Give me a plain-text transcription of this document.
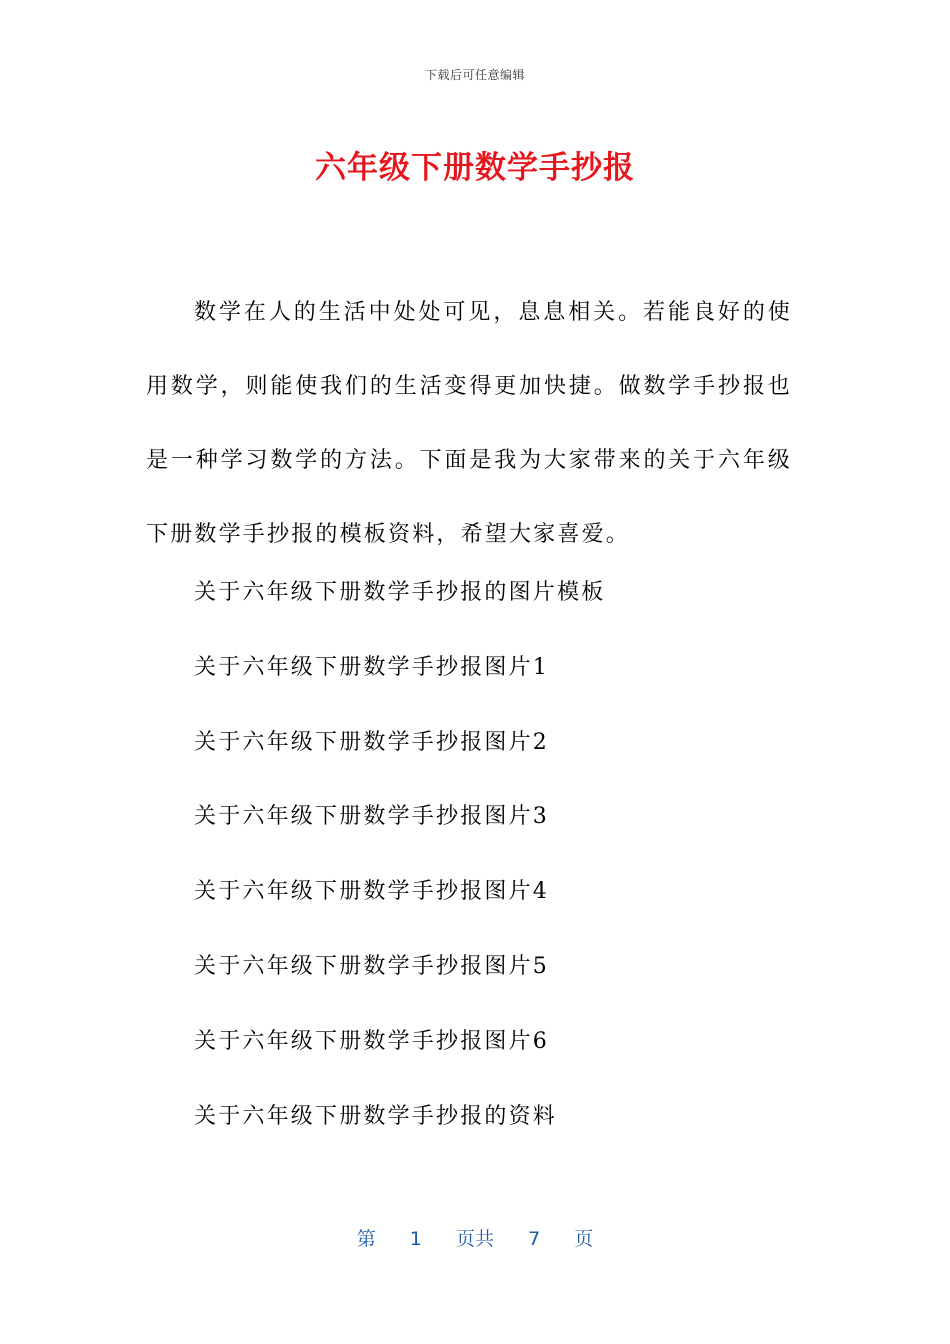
下载后可任意编辑
六年级下册数学手抄报

数学在人的生活中处处可见，息息相关。若能良好的使用数学，则能使我们的生活变得更加快捷。做数学手抄报也是一种学习数学的方法。下面是我为大家带来的关于六年级下册数学手抄报的模板资料，希望大家喜爱。

关于六年级下册数学手抄报的图片模板
关于六年级下册数学手抄报图片1
关于六年级下册数学手抄报图片2
关于六年级下册数学手抄报图片3
关于六年级下册数学手抄报图片4
关于六年级下册数学手抄报图片5
关于六年级下册数学手抄报图片6
关于六年级下册数学手抄报的资料
第 1 页共 7 页
